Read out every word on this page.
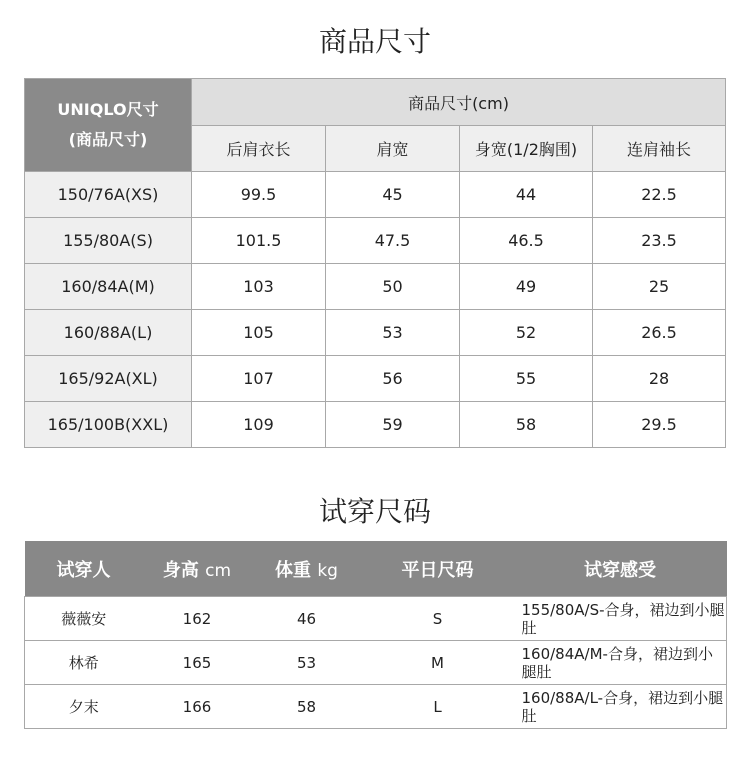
商品尺寸
UNIQLO尺寸
(商品尺寸)	商品尺寸(cm)			
	后肩衣长	肩宽	身宽(1/2胸围)	连肩袖长
150/76A(XS)	99.5	45	44	22.5
155/80A(S)	101.5	47.5	46.5	23.5
160/84A(M)	103	50	49	25
160/88A(L)	105	53	52	26.5
165/92A(XL)	107	56	55	28
165/100B(XXL)	109	59	58	29.5
试穿尺码
试穿人	身高 cm	体重 kg	平日尺码	试穿感受
薇薇安	162	46	S	155/80A/S-合身，裙边到小腿肚
林希	165	53	M	160/84A/M-合身，裙边到小腿肚
夕末	166	58	L	160/88A/L-合身，裙边到小腿肚
